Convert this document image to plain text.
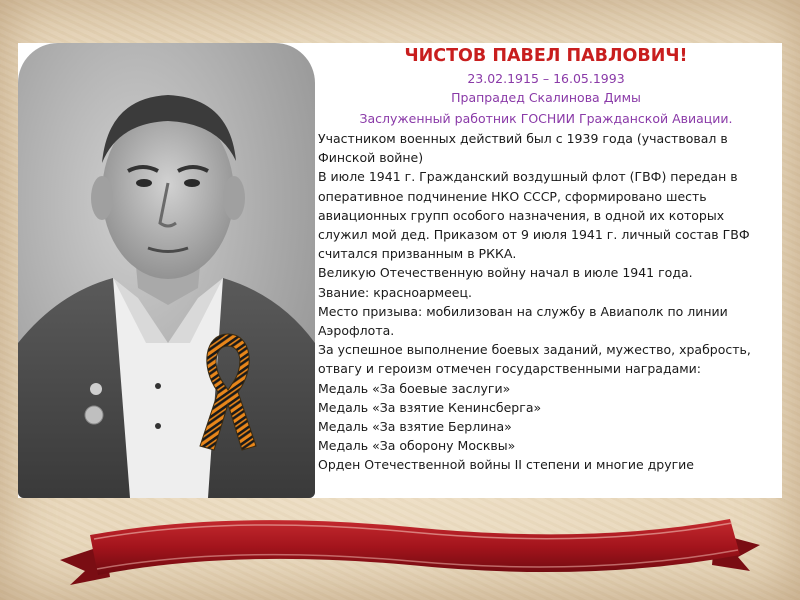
ЧИСТОВ ПАВЕЛ ПАВЛОВИЧ!

23.02.1915 – 16.05.1993

Прапрадед Скалинова Димы

Заслуженный работник ГОСНИИ Гражданской Авиации.

Участником военных действий был с 1939 года (участвовал в

Финской войне)

В июле 1941 г. Гражданский воздушный флот (ГВФ) передан в

оперативное подчинение НКО СССР, сформировано шесть

авиационных групп особого назначения, в одной их которых

служил мой дед. Приказом от 9 июля 1941 г. личный состав ГВФ

считался призванным в РККА.

Великую Отечественную войну начал в июле 1941 года.

Звание: красноармеец.

Место призыва: мобилизован на службу в Авиаполк по линии

Аэрофлота.

За успешное выполнение боевых заданий, мужество, храбрость,

отвагу и героизм отмечен государственными наградами:

Медаль «За боевые заслуги»

Медаль «За взятие Кенинсберга»

Медаль «За взятие Берлина»

Медаль «За оборону Москвы»

Орден Отечественной войны II степени и многие другие
